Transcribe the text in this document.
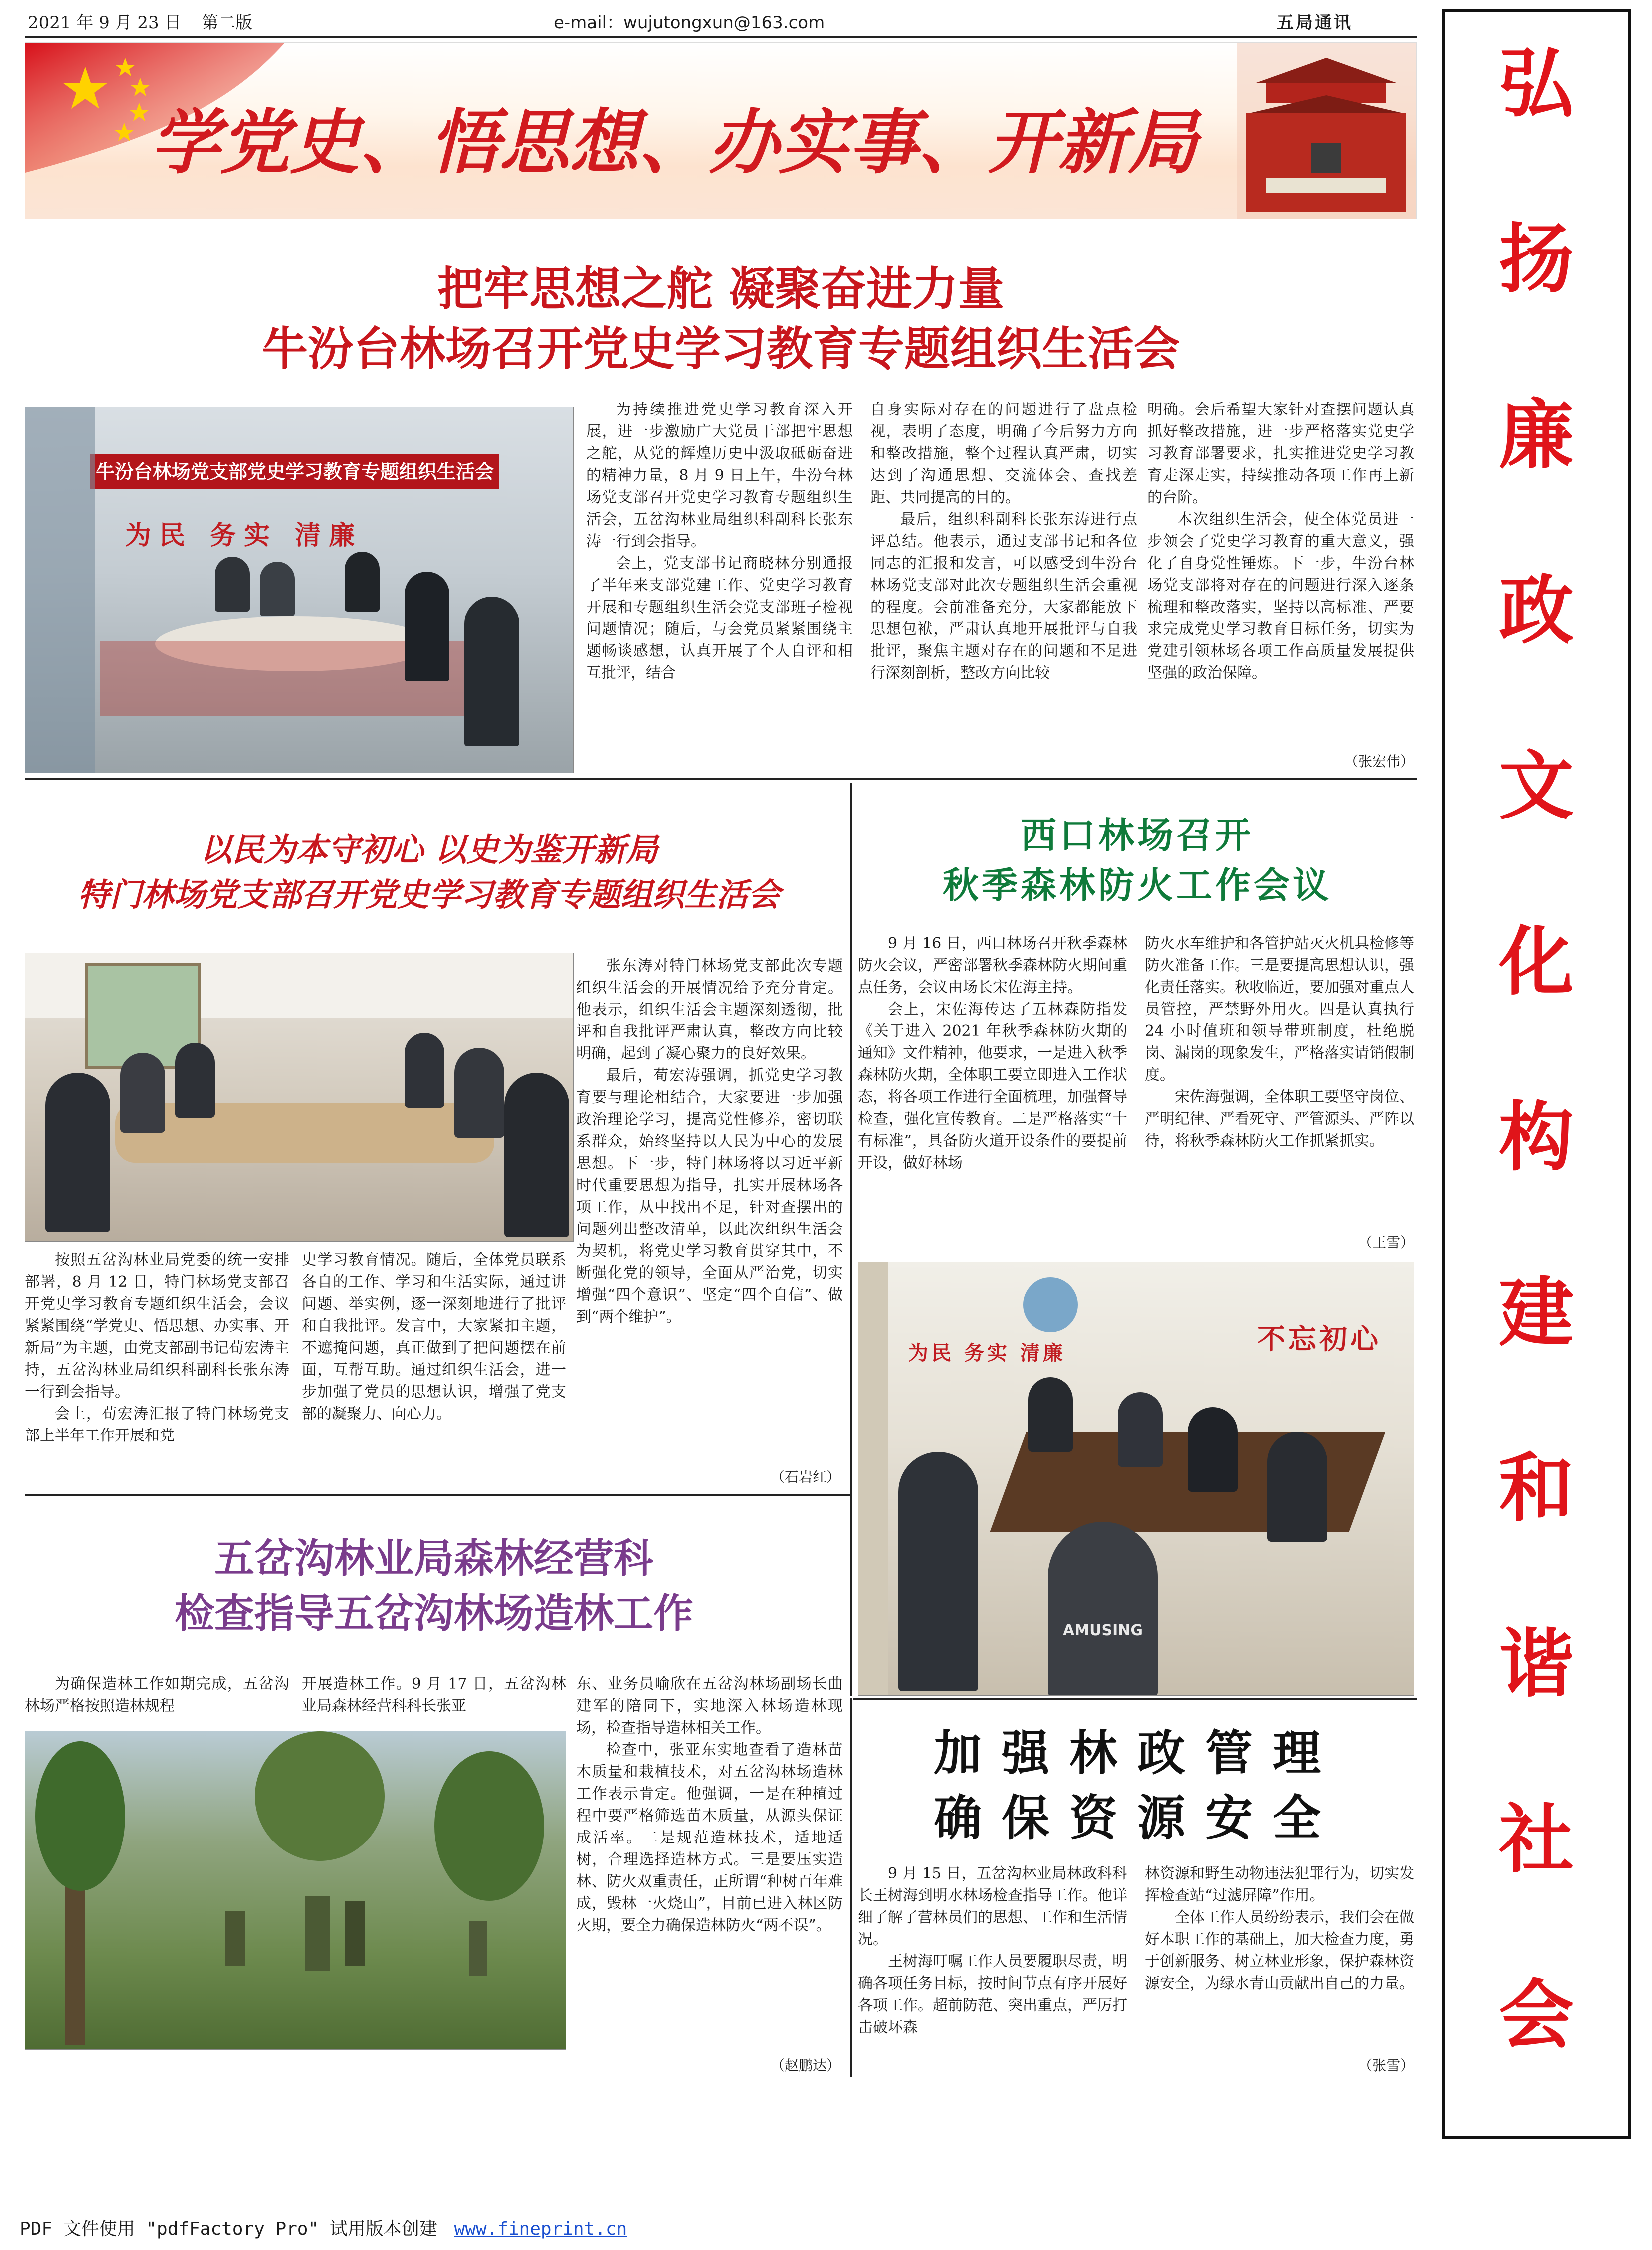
2021 年 9 月 23 日 第二版	e-mail：wujutongxun@163.com	五局通讯
学党史、悟思想、办实事、开新局
弘
扬
廉
政
文
化
构
建
和
谐
社
会
把牢思想之舵 凝聚奋进力量
牛汾台林场召开党史学习教育专题组织生活会
牛汾台林场党支部党史学习教育专题组织生活会
为民 务实 清廉

为持续推进党史学习教育深入开展，进一步激励广大党员干部把牢思想之舵，从党的辉煌历史中汲取砥砺奋进的精神力量，8 月 9 日上午，牛汾台林场党支部召开党史学习教育专题组织生活会，五岔沟林业局组织科副科长张东涛一行到会指导。

会上，党支部书记商晓林分别通报了半年来支部党建工作、党史学习教育开展和专题组织生活会党支部班子检视问题情况；随后，与会党员紧紧围绕主题畅谈感想，认真开展了个人自评和相互批评，结合

自身实际对存在的问题进行了盘点检视，表明了态度，明确了今后努力方向和整改措施，整个过程认真严肃，切实达到了沟通思想、交流体会、查找差距、共同提高的目的。

最后，组织科副科长张东涛进行点评总结。他表示，通过支部书记和各位同志的汇报和发言，可以感受到牛汾台林场党支部对此次专题组织生活会重视的程度。会前准备充分，大家都能放下思想包袱，严肃认真地开展批评与自我批评，聚焦主题对存在的问题和不足进行深刻剖析，整改方向比较

明确。会后希望大家针对查摆问题认真抓好整改措施，进一步严格落实党史学习教育部署要求，扎实推进党史学习教育走深走实，持续推动各项工作再上新的台阶。

本次组织生活会，使全体党员进一步领会了党史学习教育的重大意义，强化了自身党性锤炼。下一步，牛汾台林场党支部将对存在的问题进行深入逐条梳理和整改落实，坚持以高标准、严要求完成党史学习教育目标任务，切实为党建引领林场各项工作高质量发展提供坚强的政治保障。

（张宏伟）
以民为本守初心 以史为鉴开新局
特门林场党支部召开党史学习教育专题组织生活会

张东涛对特门林场党支部此次专题组织生活会的开展情况给予充分肯定。他表示，组织生活会主题深刻透彻，批评和自我批评严肃认真，整改方向比较明确，起到了凝心聚力的良好效果。

最后，荀宏涛强调，抓党史学习教育要与理论相结合，大家要进一步加强政治理论学习，提高党性修养，密切联系群众，始终坚持以人民为中心的发展思想。下一步，特门林场将以习近平新时代重要思想为指导，扎实开展林场各项工作，从中找出不足，针对查摆出的问题列出整改清单，以此次组织生活会为契机，将党史学习教育贯穿其中，不断强化党的领导，全面从严治党，切实增强“四个意识”、坚定“四个自信”、做到“两个维护”。

按照五岔沟林业局党委的统一安排部署，8 月 12 日，特门林场党支部召开党史学习教育专题组织生活会，会议紧紧围绕“学党史、悟思想、办实事、开新局”为主题，由党支部副书记荀宏涛主持，五岔沟林业局组织科副科长张东涛一行到会指导。

会上，荀宏涛汇报了特门林场党支部上半年工作开展和党

史学习教育情况。随后，全体党员联系各自的工作、学习和生活实际，通过讲问题、举实例，逐一深刻地进行了批评和自我批评。发言中，大家紧扣主题，不遮掩问题，真正做到了把问题摆在前面，互帮互助。通过组织生活会，进一步加强了党员的思想认识，增强了党支部的凝聚力、向心力。

（石岩红）
西口林场召开
秋季森林防火工作会议

9 月 16 日，西口林场召开秋季森林防火会议，严密部署秋季森林防火期间重点任务，会议由场长宋佐海主持。

会上，宋佐海传达了五林森防指发《关于进入 2021 年秋季森林防火期的通知》文件精神，他要求，一是进入秋季森林防火期，全体职工要立即进入工作状态，将各项工作进行全面梳理，加强督导检查，强化宣传教育。二是严格落实“十有标准”，具备防火道开设条件的要提前开设，做好林场

防火水车维护和各管护站灭火机具检修等防火准备工作。三是要提高思想认识，强化责任落实。秋收临近，要加强对重点人员管控，严禁野外用火。四是认真执行 24 小时值班和领导带班制度，杜绝脱岗、漏岗的现象发生，严格落实请销假制度。

宋佐海强调，全体职工要坚守岗位、严明纪律、严看死守、严管源头、严阵以待，将秋季森林防火工作抓紧抓实。

（王雪）
为民 务实 清廉	不忘初心
AMUSING
五岔沟林业局森林经营科
检查指导五岔沟林场造林工作

为确保造林工作如期完成，五岔沟林场严格按照造林规程

开展造林工作。9 月 17 日，五岔沟林业局森林经营科科长张亚

东、业务员喻欣在五岔沟林场副场长曲建军的陪同下，实地深入林场造林现场，检查指导造林相关工作。

检查中，张亚东实地查看了造林苗木质量和栽植技术，对五岔沟林场造林工作表示肯定。他强调，一是在种植过程中要严格筛选苗木质量，从源头保证成活率。二是规范造林技术，适地适树，合理选择造林方式。三是要压实造林、防火双重责任，正所谓“种树百年难成，毁林一火烧山”，目前已进入林区防火期，要全力确保造林防火“两不误”。

（赵鹏达）
加强林政管理
确保资源安全

9 月 15 日，五岔沟林业局林政科科长王树海到明水林场检查指导工作。他详细了解了营林员们的思想、工作和生活情况。

王树海叮嘱工作人员要履职尽责，明确各项任务目标，按时间节点有序开展好各项工作。超前防范、突出重点，严厉打击破坏森

林资源和野生动物违法犯罪行为，切实发挥检查站“过滤屏障”作用。

全体工作人员纷纷表示，我们会在做好本职工作的基础上，加大检查力度，勇于创新服务、树立林业形象，保护森林资源安全，为绿水青山贡献出自己的力量。

（张雪）
PDF 文件使用 "pdfFactory Pro" 试用版本创建 www.fineprint.cn
